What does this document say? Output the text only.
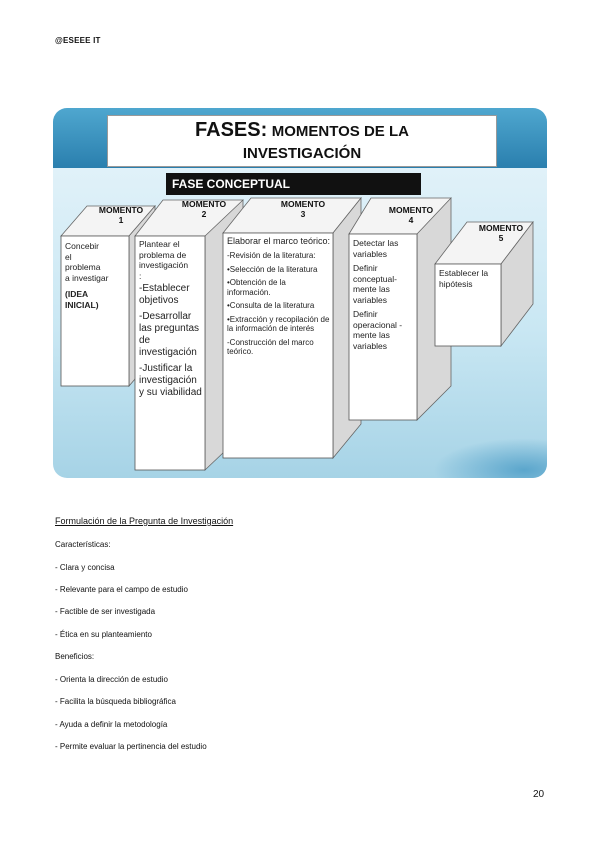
@ESEEE IT
FASES: MOMENTOS DE LA
INVESTIGACIÓN
FASE CONCEPTUAL
MOMENTO
1
MOMENTO
2
MOMENTO
3	MOMENTO
4
MOMENTO
5
Concebir
el
problema
a investigar
(IDEA
INICIAL)
Plantear el
problema de
investigación
:

-Establecer objetivos

-Desarrollar las preguntas de investigación

-Justificar la investigación y su viabilidad

Elaborar el marco teórico:

-Revisión de la literatura:

•Selección de la literatura

•Obtención de la información.

•Consulta de la literatura

•Extracción y recopilación de la información de interés

-Construcción del marco teórico.

Detectar las variables

Definir conceptual- mente las variables

Definir operacional -mente las variables

Establecer la hipótesis

Formulación de la Pregunta de Investigación
Características:
- Clara y concisa
- Relevante para el campo de estudio
- Factible de ser investigada
- Ética en su planteamiento
Beneficios:
- Orienta la dirección de estudio
- Facilita la búsqueda bibliográfica
- Ayuda a definir la metodología
- Permite evaluar la pertinencia del estudio
20
